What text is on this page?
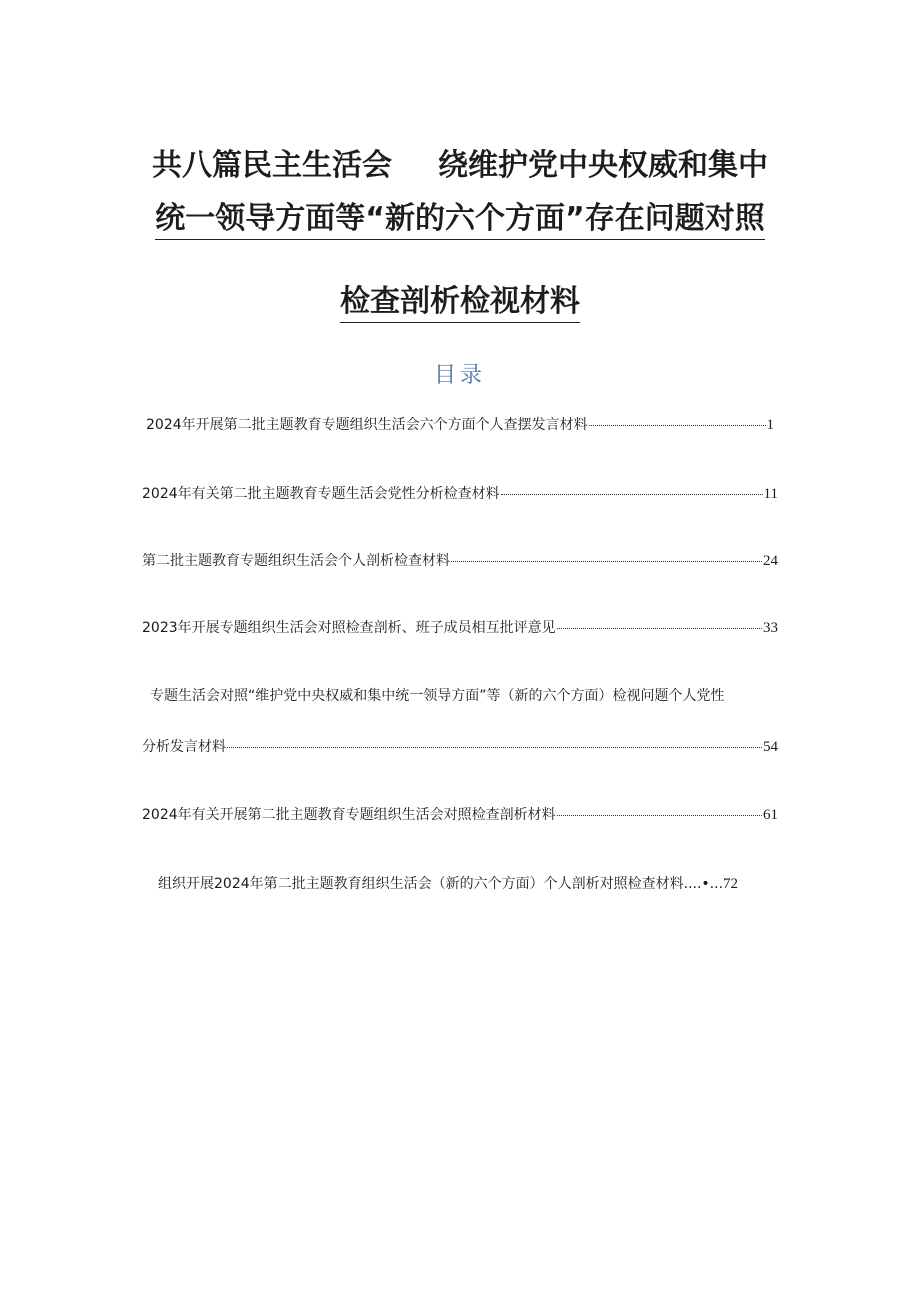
共八篇民主生活会 绕维护党中央权威和集中
统一领导方面等“新的六个方面”存在问题对照
检查剖析检视材料
目录
2024年开展第二批主题教育专题组织生活会六个方面个人查摆发言材料	1
2024年有关第二批主题教育专题生活会党性分析检查材料	11
第二批主题教育专题组织生活会个人剖析检查材料	24
2023年开展专题组织生活会对照检查剖析、班子成员相互批评意见	33
专题生活会对照“维护党中央权威和集中统一领导方面”等（新的六个方面）检视问题个人党性
分析发言材料	54
2024年有关开展第二批主题教育专题组织生活会对照检查剖析材料	61
组织开展2024年第二批主题教育组织生活会（新的六个方面）个人剖析对照检查材料....•...72
